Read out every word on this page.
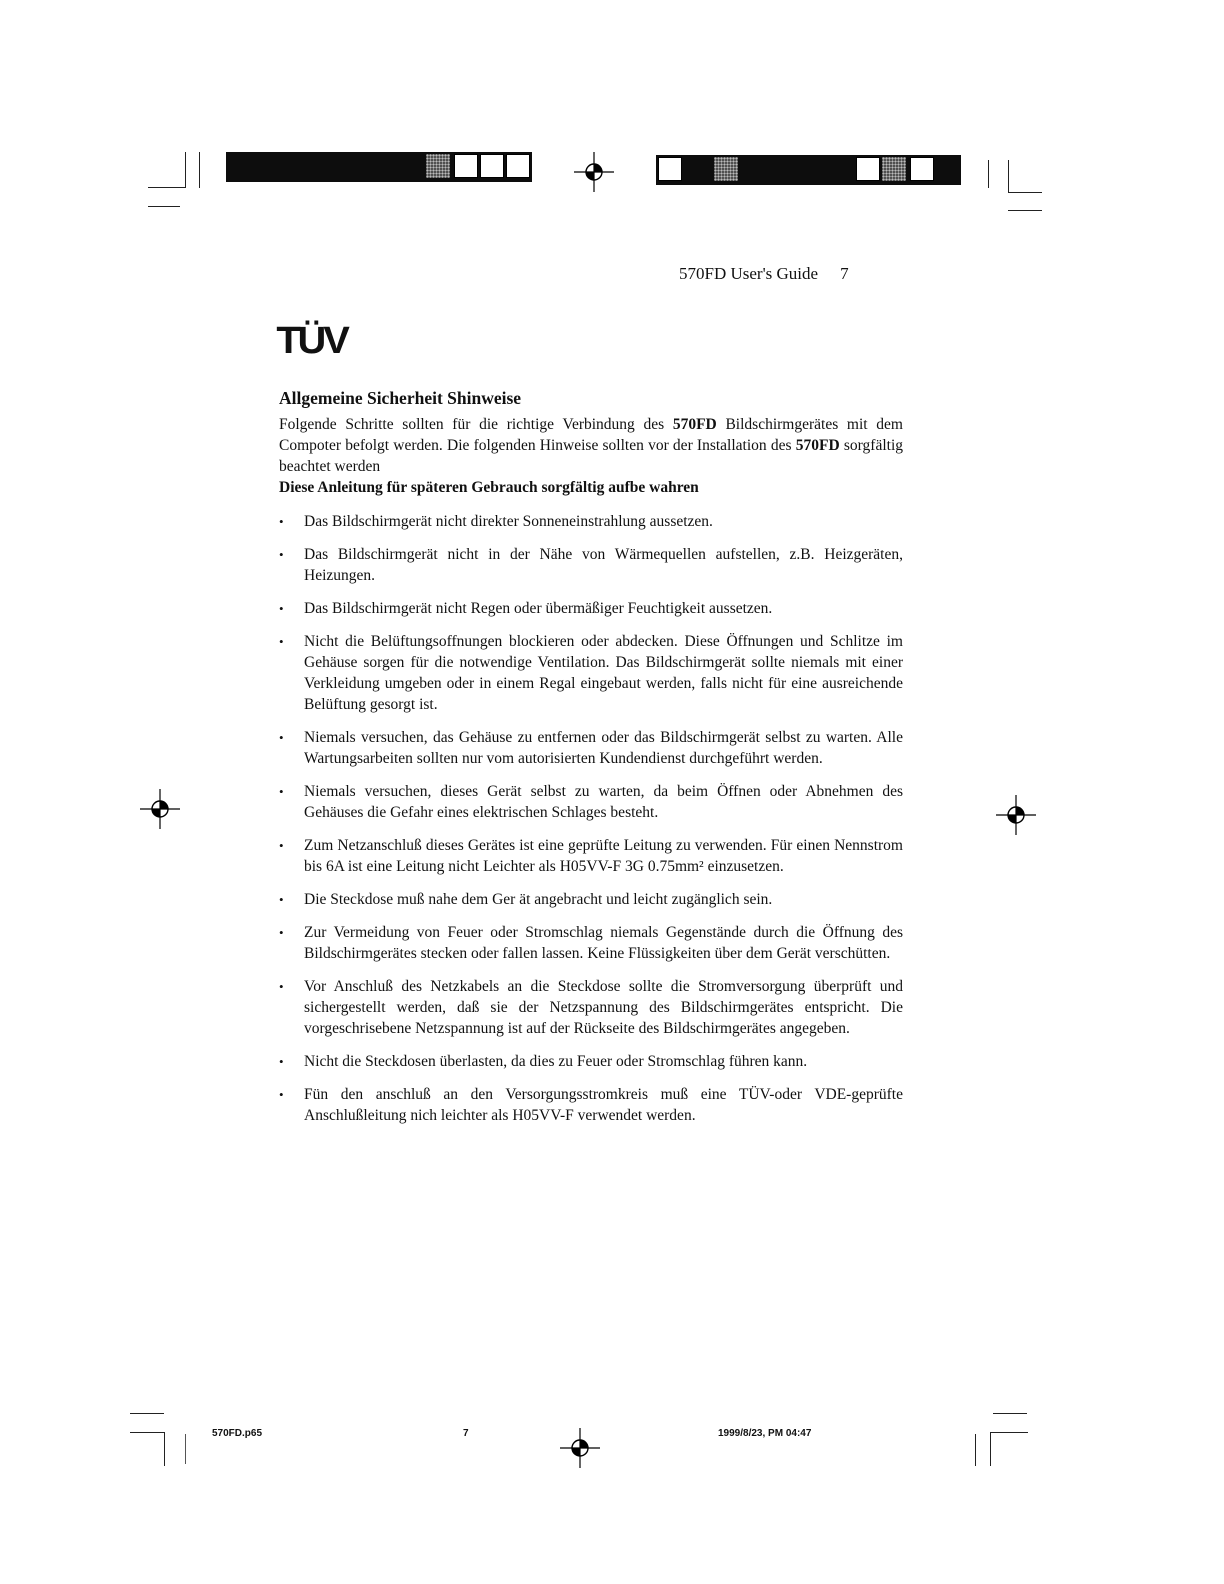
570FD User's Guide 7
TÜV
Allgemeine Sicherheit Shinweise

Folgende Schritte sollten für die richtige Verbindung des 570FD Bildschirmgerätes mit dem Compoter befolgt werden. Die folgenden Hinweise sollten vor der Installation des 570FD sorgfältig beachtet werden

Diese Anleitung für späteren Gebrauch sorgfältig aufbe wahren

• Das Bildschirmgerät nicht direkter Sonneneinstrahlung aussetzen.
• Das Bildschirmgerät nicht in der Nähe von Wärmequellen aufstellen, z.B. Heizgeräten, Heizungen.
• Das Bildschirmgerät nicht Regen oder übermäßiger Feuchtigkeit aussetzen.
• Nicht die Belüftungsoffnungen blockieren oder abdecken. Diese Öffnungen und Schlitze im Gehäuse sorgen für die notwendige Ventilation. Das Bildschirmgerät sollte niemals mit einer Verkleidung umgeben oder in einem Regal eingebaut werden, falls nicht für eine ausreichende Belüftung gesorgt ist.
• Niemals versuchen, das Gehäuse zu entfernen oder das Bildschirmgerät selbst zu warten. Alle Wartungsarbeiten sollten nur vom autorisierten Kundendienst durchgeführt werden.
• Niemals versuchen, dieses Gerät selbst zu warten, da beim Öffnen oder Abnehmen des Gehäuses die Gefahr eines elektrischen Schlages besteht.
• Zum Netzanschluß dieses Gerätes ist eine geprüfte Leitung zu verwenden. Für einen Nennstrom bis 6A ist eine Leitung nicht Leichter als H05VV-F 3G 0.75mm² einzusetzen.
• Die Steckdose muß nahe dem Ger ät angebracht und leicht zugänglich sein.
• Zur Vermeidung von Feuer oder Stromschlag niemals Gegenstände durch die Öffnung des Bildschirmgerätes stecken oder fallen lassen. Keine Flüssigkeiten über dem Gerät verschütten.
• Vor Anschluß des Netzkabels an die Steckdose sollte die Stromversorgung überprüft und sichergestellt werden, daß sie der Netzspannung des Bildschirmgerätes entspricht. Die vorgeschrisebene Netzspannung ist auf der Rückseite des Bildschirmgerätes angegeben.
• Nicht die Steckdosen überlasten, da dies zu Feuer oder Stromschlag führen kann.
• Fün den anschluß an den Versorgungsstromkreis muß eine TÜV-oder VDE-geprüfte Anschlußleitung nich leichter als H05VV-F verwendet werden.
570FD.p65	7	1999/8/23, PM 04:47
